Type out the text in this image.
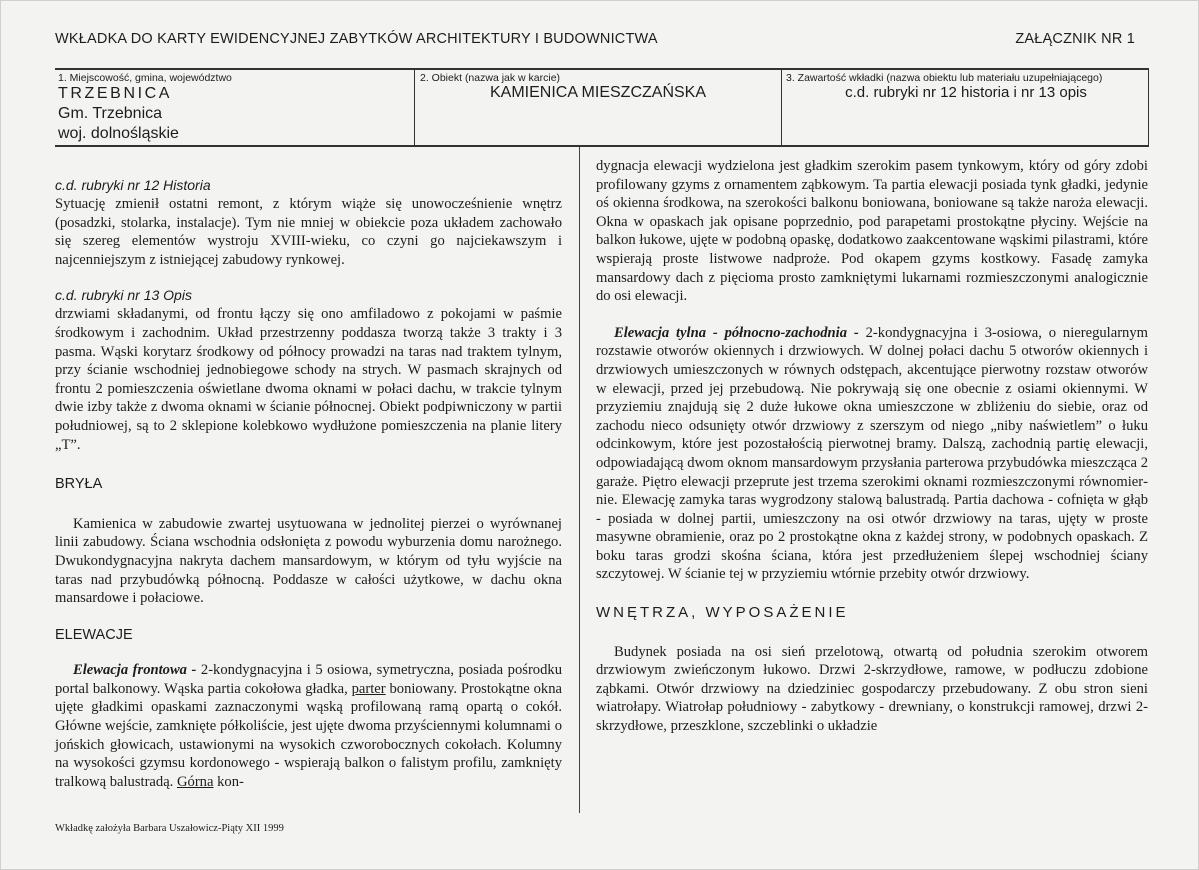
WKŁADKA DO KARTY EWIDENCYJNEJ ZABYTKÓW ARCHITEKTURY I BUDOWNICTWA	ZAŁĄCZNIK NR 1
1. Miejscowość, gmina, województwo
TRZEBNICA
Gm. Trzebnica
woj. dolnośląskie
2. Obiekt (nazwa jak w karcie)
KAMIENICA MIESZCZAŃSKA
3. Zawartość wkładki (nazwa obiektu lub materiału uzupełniającego)
c.d. rubryki nr 12 historia i nr 13 opis

c.d. rubryki nr 12 Historia

Sytuację zmienił ostatni remont, z którym wiąże się unowocześnienie wnętrz (posadzki, stolarka, instalacje). Tym nie mniej w obiekcie poza układem zachowało się szereg elementów wystroju XVIII-wieku, co czyni go najciekawszym i najcenniejszym z istniejącej zabudowy rynkowej.

c.d. rubryki nr 13 Opis

drzwiami składanymi, od frontu łączy się ono amfiladowo z pokojami w paśmie środkowym i zachodnim. Układ przestrzenny poddasza tworzą także 3 trakty i 3 pasma. Wąski korytarz środkowy od północy prowadzi na taras nad traktem tylnym, przy ścianie wschodniej jednobiegowe schody na strych. W pasmach skrajnych od frontu 2 pomieszczenia oświetlane dwoma oknami w połaci dachu, w trakcie tylnym dwie izby także z dwoma oknami w ścianie północnej. Obiekt podpiwniczony w partii południowej, są to 2 sklepione kolebkowo wydłużone pomieszczenia na planie litery „T”.

BRYŁA

Kamienica w zabudowie zwartej usytuowana w jednolitej pierzei o wyrównanej linii zabudowy. Ściana wschodnia odsłonięta z powodu wyburzenia domu narożnego. Dwukondygnacyjna nakryta dachem mansardowym, w którym od tyłu wyjście na taras nad przybudówką północną. Poddasze w całości użytkowe, w dachu okna mansardowe i połaciowe.

ELEWACJE

Elewacja frontowa - 2-kondygnacyjna i 5 osiowa, symetryczna, posiada pośrodku portal balkonowy. Wąska partia cokołowa gładka, parter boniowany. Prostokątne okna ujęte gładkimi opaskami zaznaczonymi wąską profilowaną ramą opartą o cokół. Główne wejście, zamknięte półkoliście, jest ujęte dwoma przyściennymi kolumnami o jońskich głowicach, ustawionymi na wysokich czworobocznych cokołach. Kolumny na wysokości gzymsu kordonowego - wspierają balkon o falistym profilu, zamknięty tralkową balustradą. Górna kon-

dygnacja elewacji wydzielona jest gładkim szerokim pasem tynkowym, który od góry zdobi profilowany gzyms z ornamentem ząbkowym. Ta partia elewacji posiada tynk gładki, jedynie oś okienna środkowa, na szerokości balkonu boniowana, boniowane są także naroża elewacji. Okna w opaskach jak opisane poprzednio, pod parapetami prostokątne płyciny. Wejście na balkon łukowe, ujęte w podobną opaskę, dodatkowo zaakcentowane wąskimi pilastrami, które wspierają proste listwowe nadproże. Pod okapem gzyms kostkowy. Fasadę zamyka mansardowy dach z pięcioma prosto zamkniętymi lukarnami rozmieszczonymi analogicznie do osi elewacji.

Elewacja tylna - północno-zachodnia - 2-kondygnacyjna i 3-osiowa, o nieregularnym rozstawie otworów okiennych i drzwiowych. W dolnej połaci dachu 5 otworów okiennych i drzwiowych umieszczonych w równych odstępach, akcentujące pierwotny rozstaw otworów w elewacji, przed jej przebudową. Nie pokrywają się one obecnie z osiami okiennymi. W przyziemiu znajdują się 2 duże łukowe okna umieszczone w zbliżeniu do siebie, oraz od zachodu nieco odsunięty otwór drzwiowy z szerszym od niego „niby naświetlem” o łuku odcinkowym, które jest pozostałością pierwotnej bramy. Dalszą, zachodnią partię elewacji, odpowiadającą dwom oknom mansardowym przysłania parterowa przybudówka mieszcząca 2 garaże. Piętro elewacji przeprute jest trzema szerokimi oknami rozmieszczonymi równomiernie. Elewację zamyka taras wygrodzony stalową balustradą. Partia dachowa - cofnięta w głąb - posiada w dolnej partii, umieszczony na osi otwór drzwiowy na taras, ujęty w proste masywne obramienie, oraz po 2 prostokątne okna z każdej strony, w podobnych opaskach. Z boku taras grodzi skośna ściana, która jest przedłużeniem ślepej wschodniej ściany szczytowej. W ścianie tej w przyziemiu wtórnie przebity otwór drzwiowy.

WNĘTRZA, WYPOSAŻENIE

Budynek posiada na osi sień przelotową, otwartą od południa szerokim otworem drzwiowym zwieńczonym łukowo. Drzwi 2-skrzydłowe, ramowe, w podłuczu zdobione ząbkami. Otwór drzwiowy na dziedziniec gospodarczy przebudowany. Z obu stron sieni wiatrołapy. Wiatrołap południowy - zabytkowy - drewniany, o konstrukcji ramowej, drzwi 2-skrzydłowe, przeszklone, szczeblinki o układzie

Wkładkę założyła Barbara Uszałowicz-Piąty XII 1999
